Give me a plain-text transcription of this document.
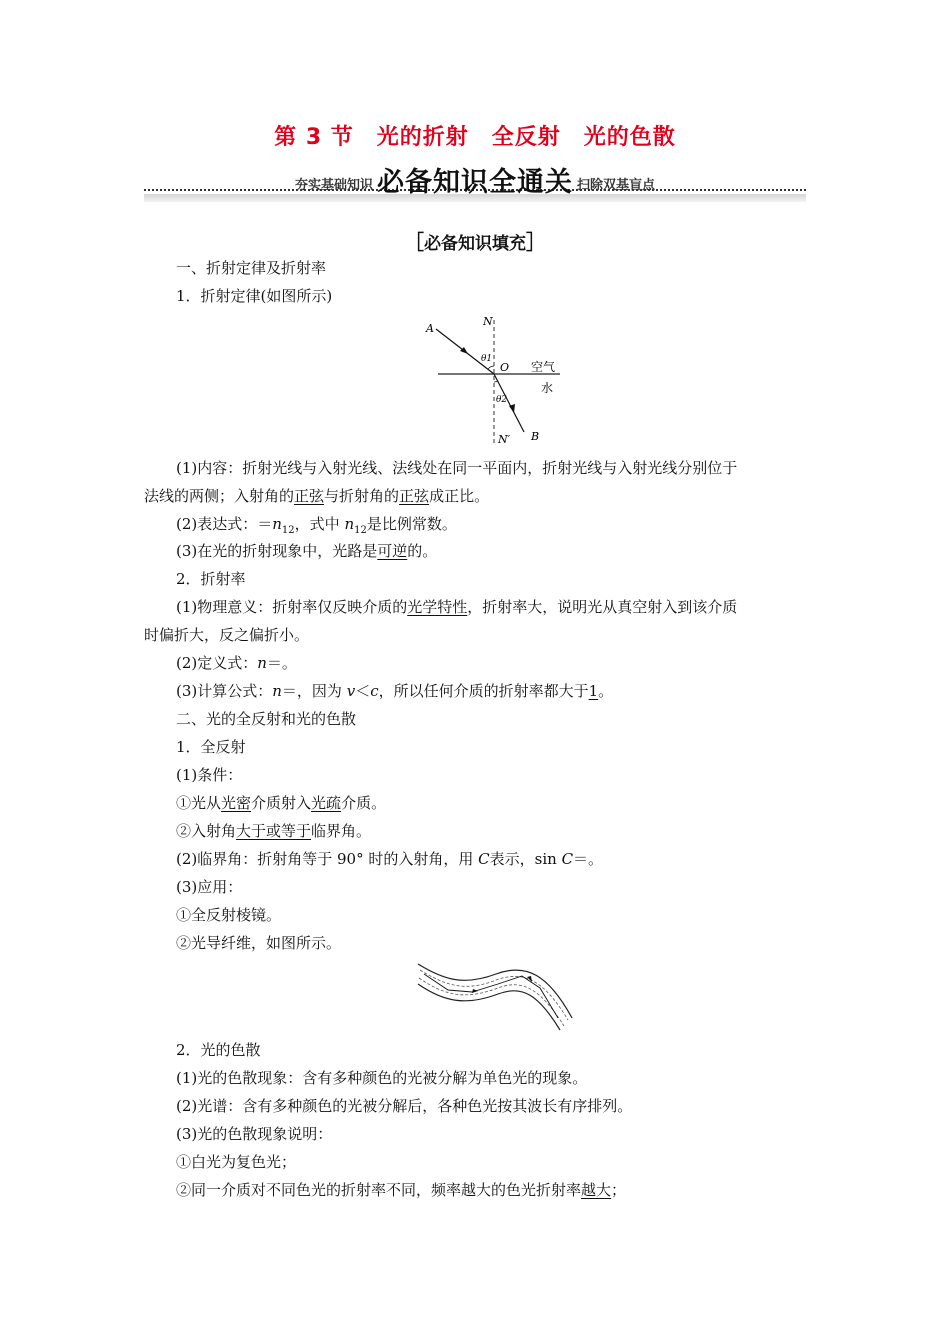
第 3 节　光的折射　全反射　光的色散
夯实基础知识 必备知识全通关 扫除双基盲点
［必备知识填充］
一、折射定律及折射率
1．折射定律(如图所示)
A
N
θ1
O 空气
水
θ2
N′ B
(1)内容：折射光线与入射光线、法线处在同一平面内，折射光线与入射光线分别位于
法线的两侧；入射角的正弦与折射角的正弦成正比。
(2)表达式：$=n_{12}$，式中 $n_{12}$是比例常数。
(3)在光的折射现象中，光路是可逆的。
2．折射率
(1)物理意义：折射率仅反映介质的光学特性，折射率大，说明光从真空射入到该介质
时偏折大，反之偏折小。
(2)定义式：n＝。
(3)计算公式：n＝，因为 v＜c，所以任何介质的折射率都大于1。
二、光的全反射和光的色散
1．全反射
(1)条件：
①光从光密介质射入光疏介质。
②入射角大于或等于临界角。
(2)临界角：折射角等于 90° 时的入射角，用 C表示，sin C＝。
(3)应用：
①全反射棱镜。
②光导纤维，如图所示。
2．光的色散
(1)光的色散现象：含有多种颜色的光被分解为单色光的现象。
(2)光谱：含有多种颜色的光被分解后，各种色光按其波长有序排列。
(3)光的色散现象说明：
①白光为复色光；
②同一介质对不同色光的折射率不同，频率越大的色光折射率越大；
